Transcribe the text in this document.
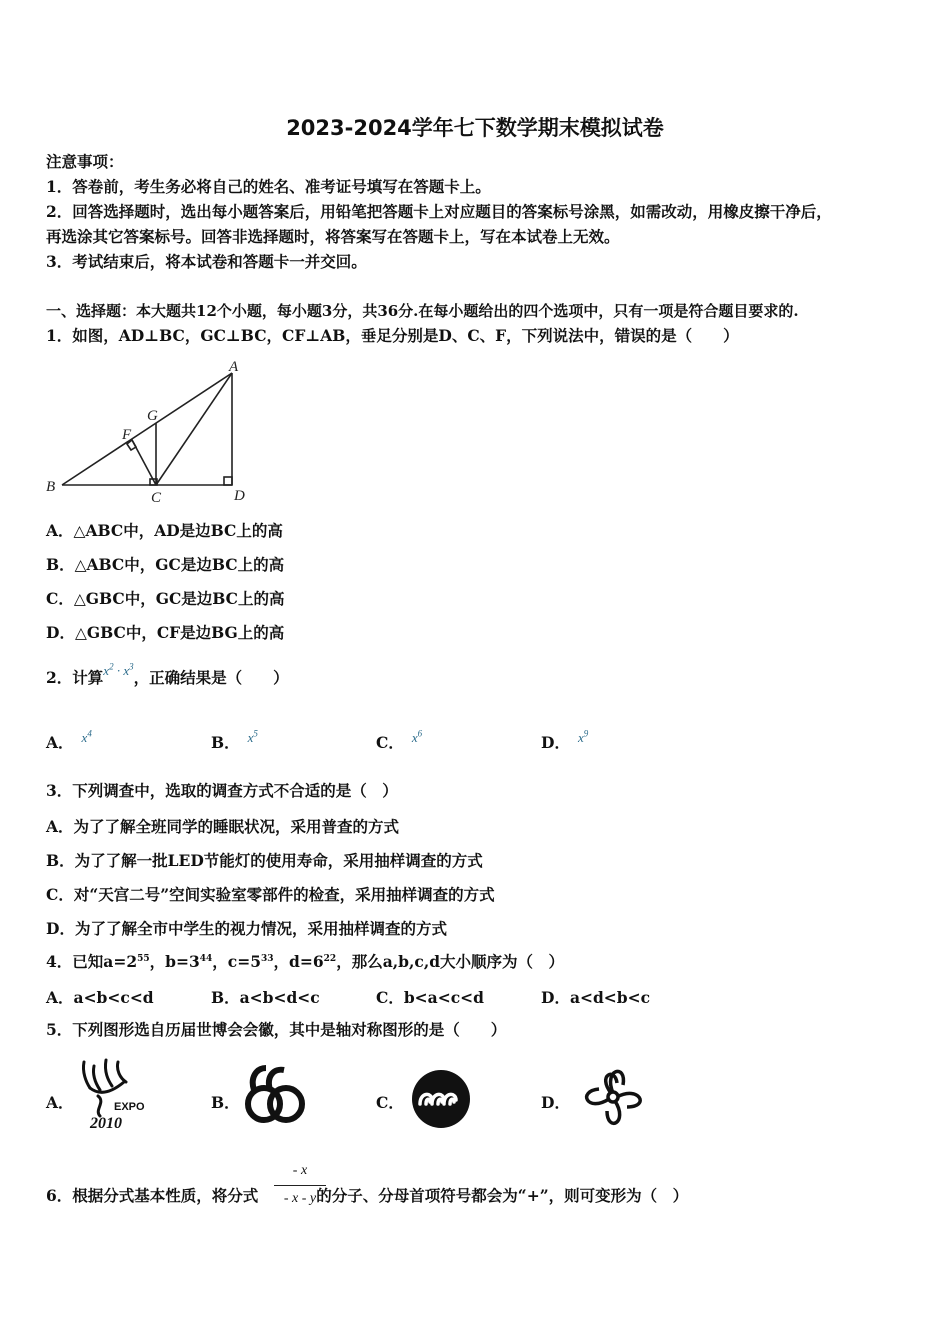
2023-2024学年七下数学期末模拟试卷
注意事项：
1．答卷前，考生务必将自己的姓名、准考证号填写在答题卡上。
2．回答选择题时，选出每小题答案后，用铅笔把答题卡上对应题目的答案标号涂黑，如需改动，用橡皮擦干净后，
再选涂其它答案标号。回答非选择题时，将答案写在答题卡上，写在本试卷上无效。
3．考试结束后，将本试卷和答题卡一并交回。
一、选择题：本大题共12个小题，每小题3分，共36分.在每小题给出的四个选项中，只有一项是符合题目要求的.
1．如图，AD⊥BC，GC⊥BC，CF⊥AB，垂足分别是D、C、F，下列说法中，错误的是（　　）
A
G
F
B
C	D
A．△ABC中，AD是边BC上的高
B．△ABC中，GC是边BC上的高
C．△GBC中，GC是边BC上的高
D．△GBC中，CF是边BG上的高
2．计算$^{x^2 \cdot x^3}$，正确结果是（　　）
A． $^{x^4}$	B． $^{x^5}$	C． $^{x^6}$	D． $^{x^9}$
3．下列调查中，选取的调查方式不合适的是（　）
A．为了了解全班同学的睡眠状况，采用普查的方式
B．为了了解一批LED节能灯的使用寿命，采用抽样调查的方式
C．对“天宫二号”空间实验室零部件的检查，采用抽样调查的方式
D．为了了解全市中学生的视力情况，采用抽样调查的方式
4．已知$a=2^{55}$，$b=3^{44}$，$c=5^{33}$，$d=6^{22}$，那么a,b,c,d大小顺序为（　）
A．a<b<c<d	B．a<b<d<c	C．b<a<c<d	D．a<d<b<c
5．下列图形选自历届世博会会徽，其中是轴对称图形的是（　　）
A．	EXPO
2010
B．	C．	D．
6．根据分式基本性质，将分式	的分子、分母首项符号都会为“+”，则可变形为（　）
- x
- x - y
